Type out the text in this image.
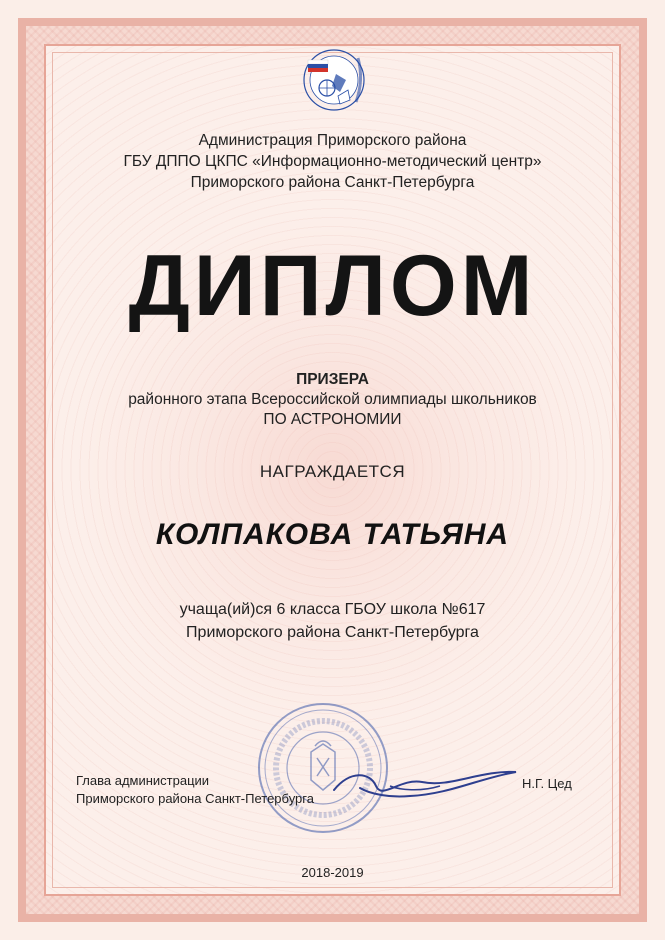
Администрация Приморского района
ГБУ ДППО ЦКПС «Информационно-методический центр»
Приморского района Санкт-Петербурга
ДИПЛОМ
ПРИЗЕРА
районного этапа Всероссийской олимпиады школьников
ПО АСТРОНОМИИ
НАГРАЖДАЕТСЯ
КОЛПАКОВА ТАТЬЯНА
учаща(ий)ся 6 класса ГБОУ школа №617
Приморского района Санкт-Петербурга
Глава администрации
Приморского района Санкт-Петербурга
Н.Г. Цед
2018-2019
